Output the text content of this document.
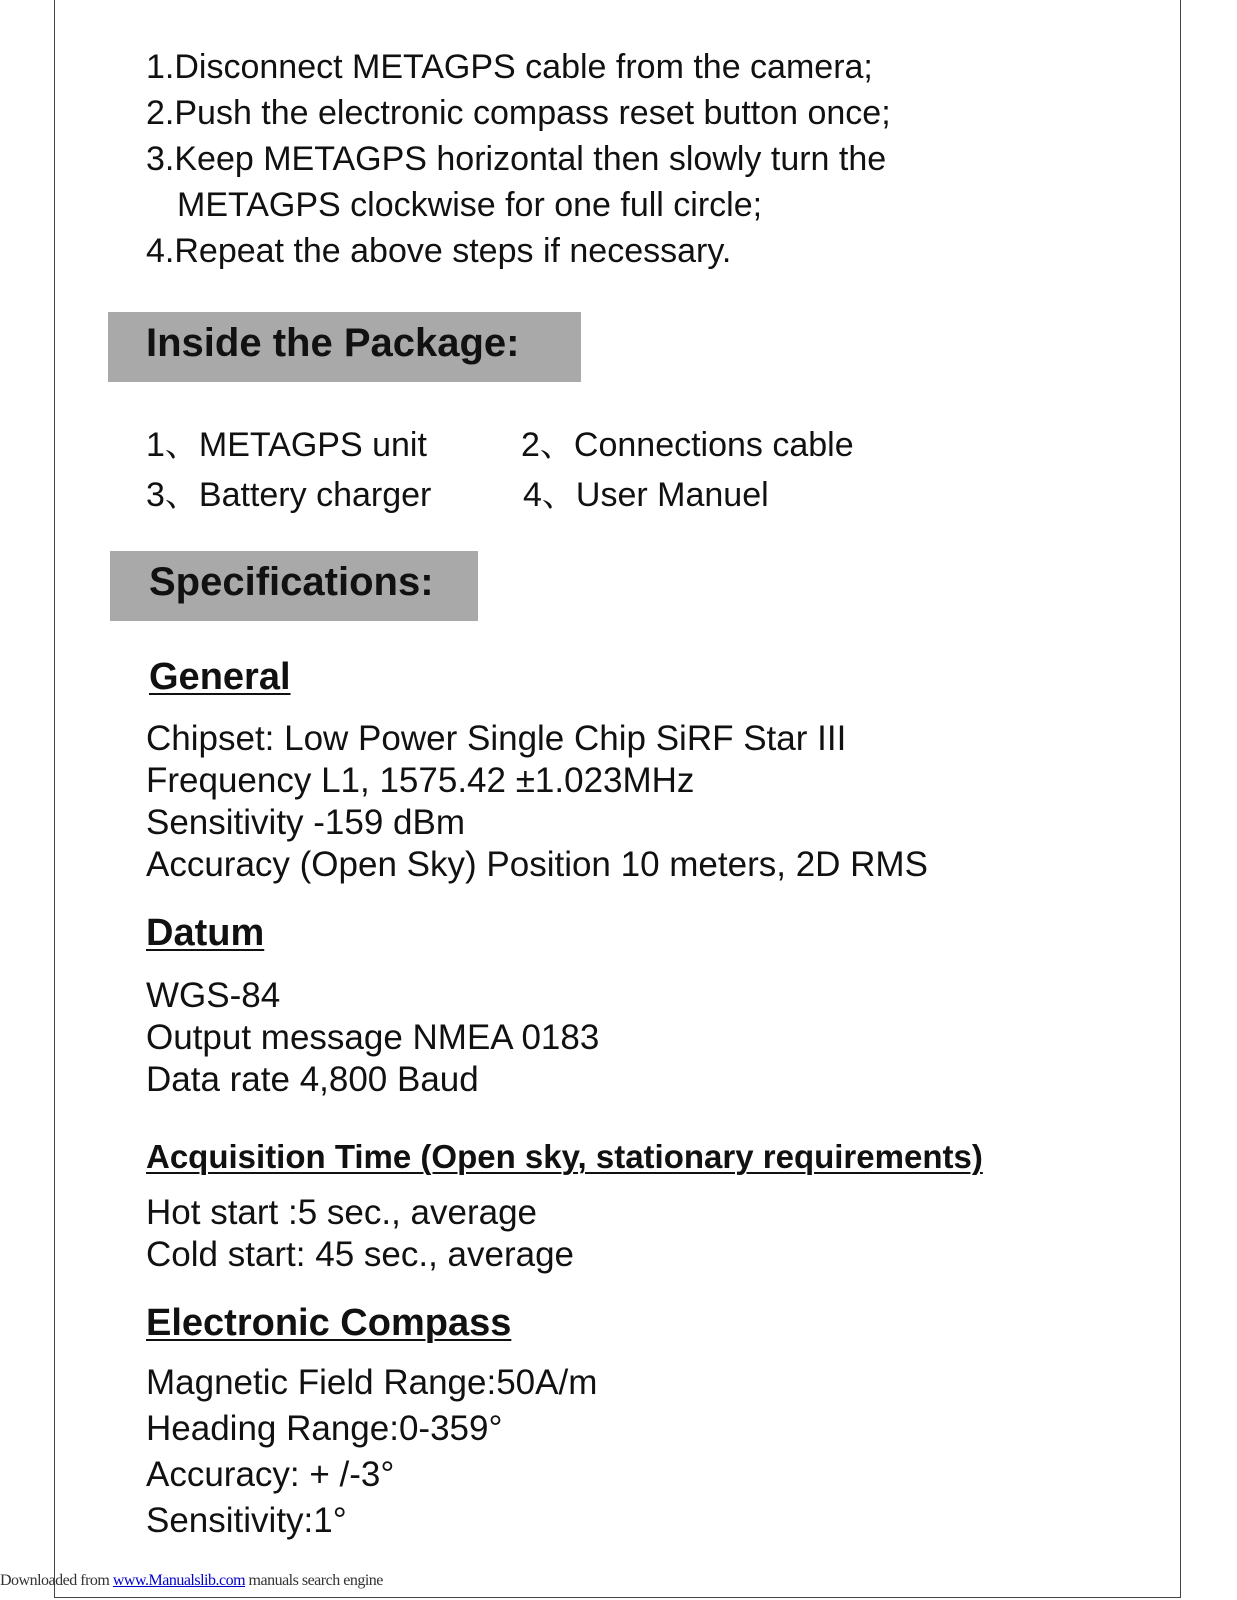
1.Disconnect METAGPS cable from the camera;
2.Push the electronic compass reset button once;
3.Keep METAGPS horizontal then slowly turn the
METAGPS clockwise for one full circle;
4.Repeat the above steps if necessary.
Inside the Package:
1、METAGPS unit	2、Connections cable
3、Battery charger	4、User Manuel
Specifications:
General
Chipset: Low Power Single Chip SiRF Star III
Frequency L1, 1575.42 ±1.023MHz
Sensitivity -159 dBm
Accuracy (Open Sky) Position 10 meters, 2D RMS
Datum
WGS-84
Output message NMEA 0183
Data rate 4,800 Baud
Acquisition Time (Open sky, stationary requirements)
Hot start :5 sec., average
Cold start: 45 sec., average
Electronic Compass
Magnetic Field Range:50A/m
Heading Range:0-359°
Accuracy: + /-3°
Sensitivity:1°
Downloaded from www.Manualslib.com manuals search engine
